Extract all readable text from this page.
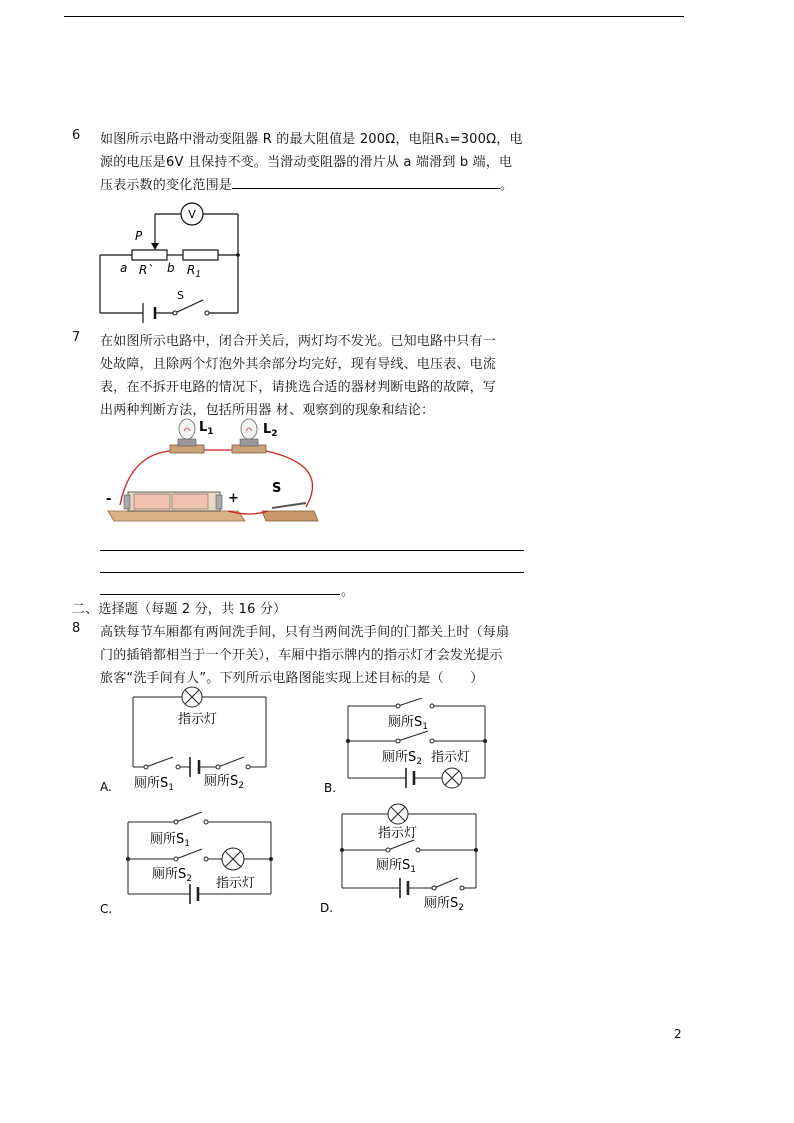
6 如图所示电路中滑动变阻器 R 的最大阻值是 200Ω，电阻R₁=300Ω，电
源的电压是6V 且保持不变。当滑动变阻器的滑片从 a 端滑到 b 端，电
压表示数的变化范围是	。
V
P
a R` b $R_1$
S
7 在如图所示电路中，闭合开关后，两灯均不发光。已知电路中只有一
处故障，且除两个灯泡外其余部分均完好，现有导线、电压表、电流
表，在不拆开电路的情况下，请挑选合适的器材判断电路的故障，写
出两种判断方法，包括所用器 材、观察到的现象和结论：
$L_1$	$L_2$
-	+
S
。
二、选择题（每题 2 分，共 16 分）
8 高铁每节车厢都有两间洗手间，只有当两间洗手间的门都关上时（每扇
门的插销都相当于一个开关），车厢中指示牌内的指示灯才会发光提示
旅客“洗手间有人”。下列所示电路图能实现上述目标的是（　　）
指示灯
厕所$S_1$ 厕所$S_2$
A.
厕所$S_1$
厕所$S_2$ 指示灯
B.
厕所$S_1$
厕所$S_2$ 指示灯
C.
指示灯
厕所$S_1$
厕所$S_2$
D.
2
